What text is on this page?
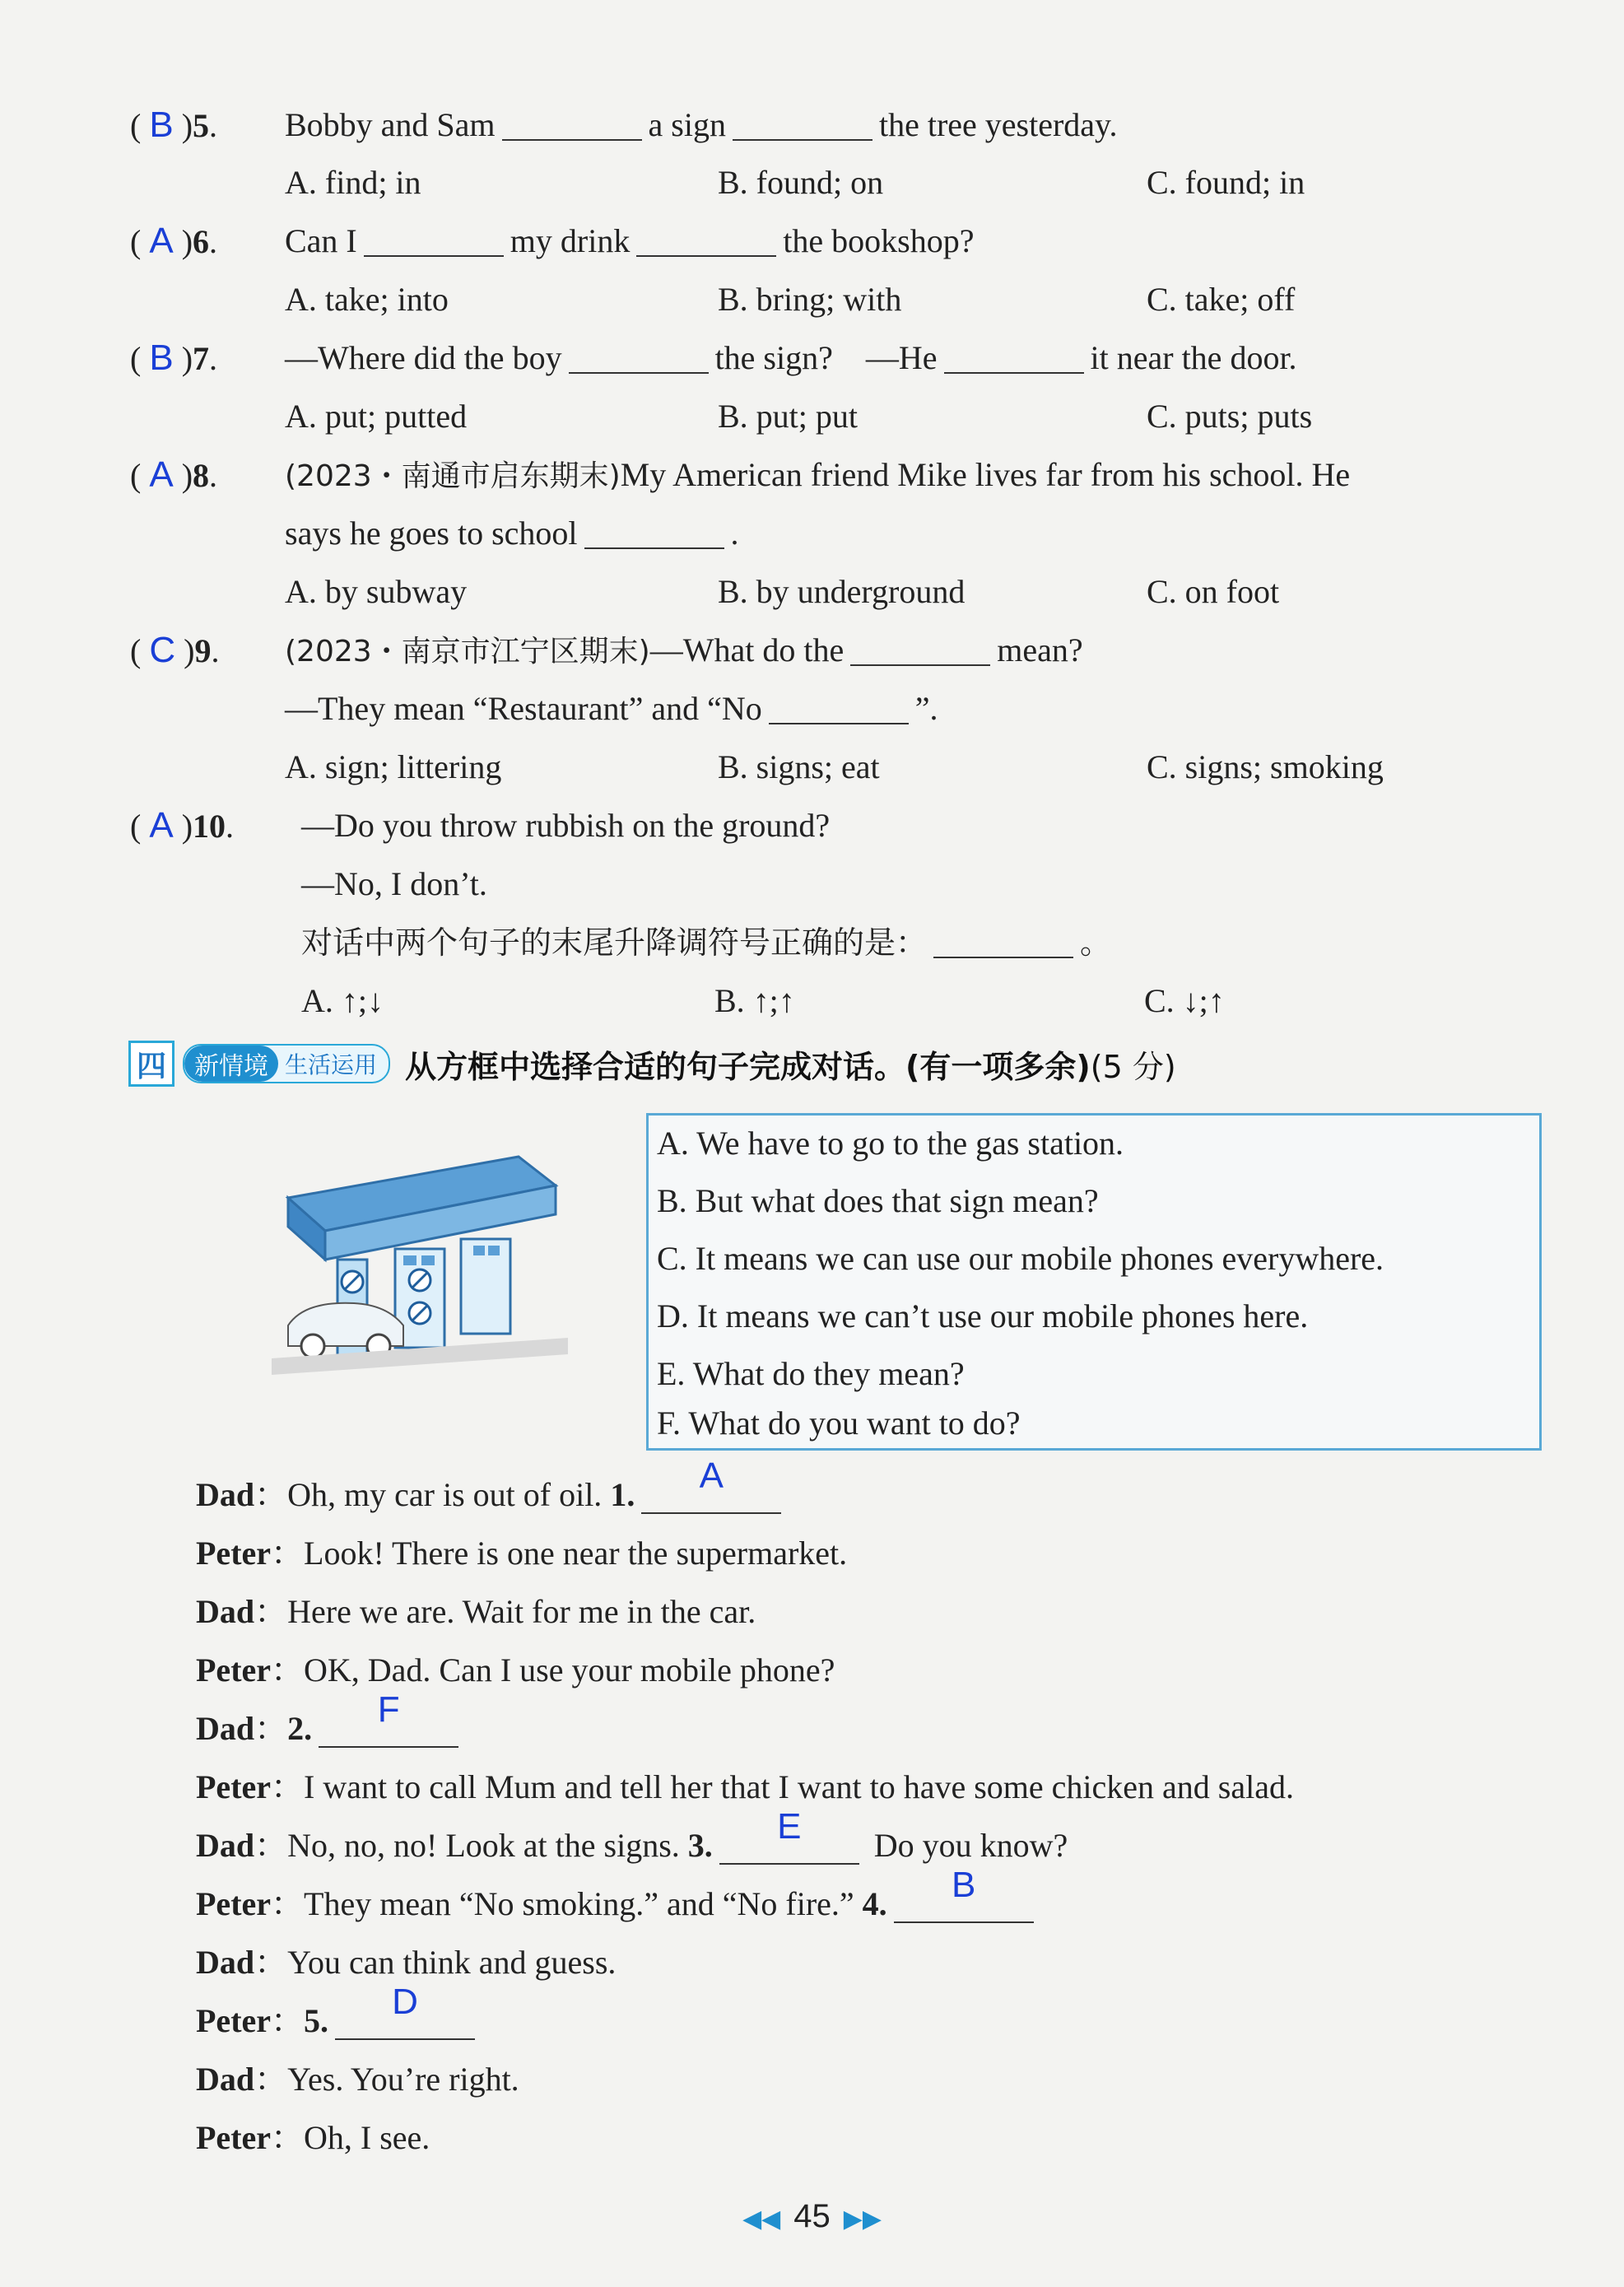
( B )5. Bobby and Sam	a sign	the tree yesterday.
A. find; in	B. found; on	C. found; in
( A )6. Can I	my drink	the bookshop?
A. take; into	B. bring; with	C. take; off
( B )7. —Where did the boy	the sign? —He	it near the door.
A. put; putted	B. put; put	C. puts; puts
( A )8. (2023・南通市启东期末)My American friend Mike lives far from his school. He
says he goes to school	.
A. by subway	B. by underground	C. on foot
( C )9. (2023・南京市江宁区期末)—What do the	mean?
—They mean “Restaurant” and “No	”.
A. sign; littering	B. signs; eat	C. signs; smoking
( A )10. —Do you throw rubbish on the ground?
—No, I don’t.
对话中两个句子的末尾升降调符号正确的是：	。
A. ↑;↓	B. ↑;↑	C. ↓;↑
四	新情境 生活运用 从方框中选择合适的句子完成对话。(有一项多余)(5 分)
A. We have to go to the gas station.
B. But what does that sign mean?
C. It means we can use our mobile phones everywhere.
D. It means we can’t use our mobile phones here.
E. What do they mean?
F. What do you want to do?
Dad：Oh, my car is out of oil. 1. A
Peter：Look! There is one near the supermarket.
Dad：Here we are. Wait for me in the car.
Peter：OK, Dad. Can I use your mobile phone?
Dad：2. F
Peter：I want to call Mum and tell her that I want to have some chicken and salad.
Dad：No, no, no! Look at the signs. 3. E Do you know?
Peter：They mean “No smoking.” and “No fire.” 4. B
Dad：You can think and guess.
Peter：5. D
Dad：Yes. You’re right.
Peter：Oh, I see.
◀◀ 45 ▶▶
